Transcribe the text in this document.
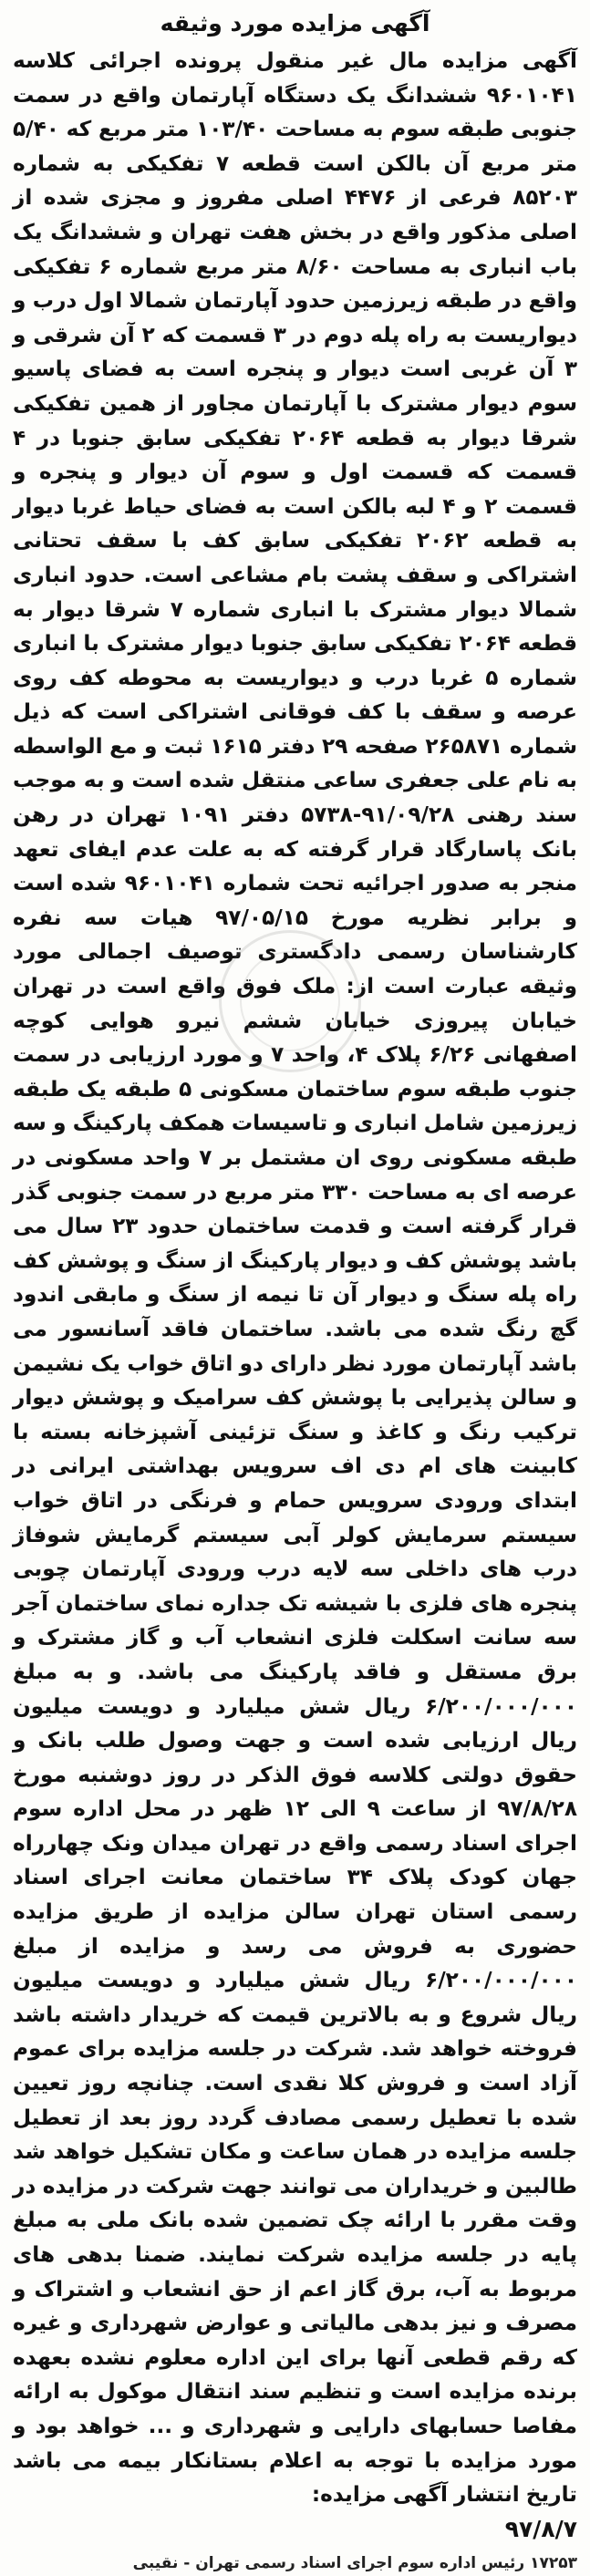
آگهی مزایده مورد وثیقه

آگهی مزایده مال غیر منقول پرونده اجرائی کلاسه ۹۶۰۱۰۴۱ ششدانگ یک دستگاه آپارتمان واقع در سمت جنوبی طبقه سوم به مساحت ۱۰۳/۴۰ متر مربع که ۵/۴۰ متر مربع آن بالکن است قطعه ۷ تفکیکی به شماره ۸۵۲۰۳ فرعی از ۴۴۷۶ اصلی مفروز و مجزی شده از اصلی مذکور واقع در بخش هفت تهران و ششدانگ یک باب انباری به مساحت ۸/۶۰ متر مربع شماره ۶ تفکیکی واقع در طبقه زیرزمین حدود آپارتمان شمالا اول درب و دیواریست به راه پله دوم در ۳ قسمت که ۲ آن شرقی و ۳ آن غربی است دیوار و پنجره است به فضای پاسیو سوم دیوار مشترک با آپارتمان مجاور از همین تفکیکی شرقا دیوار به قطعه ۲۰۶۴ تفکیکی سابق جنوبا در ۴ قسمت که قسمت اول و سوم آن دیوار و پنجره و قسمت ۲ و ۴ لبه بالکن است به فضای حیاط غربا دیوار به قطعه ۲۰۶۲ تفکیکی سابق کف با سقف تحتانی اشتراکی و سقف پشت بام مشاعی است. حدود انباری شمالا دیوار مشترک با انباری شماره ۷ شرقا دیوار به قطعه ۲۰۶۴ تفکیکی سابق جنوبا دیوار مشترک با انباری شماره ۵ غربا درب و دیواریست به محوطه کف روی عرصه و سقف با کف فوقانی اشتراکی است که ذیل شماره ۲۶۵۸۷۱ صفحه ۲۹ دفتر ۱۶۱۵ ثبت و مع الواسطه به نام علی جعفری ساعی منتقل شده است و به موجب سند رهنی ۹۱/۰۹/۲۸-۵۷۳۸ دفتر ۱۰۹۱ تهران در رهن بانک پاسارگاد قرار گرفته که به علت عدم ایفای تعهد منجر به صدور اجرائیه تحت شماره ۹۶۰۱۰۴۱ شده است و برابر نظریه مورخ ۹۷/۰۵/۱۵ هیات سه نفره کارشناسان رسمی دادگستری توصیف اجمالی مورد وثیقه عبارت است از: ملک فوق واقع است در تهران خیابان پیروزی خیابان ششم نیرو هوایی کوچه اصفهانی ۶/۲۶ پلاک ۴، واحد ۷ و مورد ارزیابی در سمت جنوب طبقه سوم ساختمان مسکونی ۵ طبقه یک طبقه زیرزمین شامل انباری و تاسیسات همکف پارکینگ و سه طبقه مسکونی روی ان مشتمل بر ۷ واحد مسکونی در عرصه ای به مساحت ۳۳۰ متر مربع در سمت جنوبی گذر قرار گرفته است و قدمت ساختمان حدود ۲۳ سال می باشد پوشش کف و دیوار پارکینگ از سنگ و پوشش کف راه پله سنگ و دیوار آن تا نیمه از سنگ و مابقی اندود گچ رنگ شده می باشد. ساختمان فاقد آسانسور می باشد آپارتمان مورد نظر دارای دو اتاق خواب یک نشیمن و سالن پذیرایی با پوشش کف سرامیک و پوشش دیوار ترکیب رنگ و کاغذ و سنگ تزئینی آشپزخانه بسته با کابینت های ام دی اف سرویس بهداشتی ایرانی در ابتدای ورودی سرویس حمام و فرنگی در اتاق خواب سیستم سرمایش کولر آبی سیستم گرمایش شوفاژ درب های داخلی سه لایه درب ورودی آپارتمان چوبی پنجره های فلزی با شیشه تک جداره نمای ساختمان آجر سه سانت اسکلت فلزی انشعاب آب و گاز مشترک و برق مستقل و فاقد پارکینگ می باشد. و به مبلغ ۶/۲۰۰/۰۰۰/۰۰۰ ریال شش میلیارد و دویست میلیون ریال ارزیابی شده است و جهت وصول طلب بانک و حقوق دولتی کلاسه فوق الذکر در روز دوشنبه مورخ ۹۷/۸/۲۸ از ساعت ۹ الی ۱۲ ظهر در محل اداره سوم اجرای اسناد رسمی واقع در تهران میدان ونک چهارراه جهان کودک پلاک ۳۴ ساختمان معانت اجرای اسناد رسمی استان تهران سالن مزایده از طریق مزایده حضوری به فروش می رسد و مزایده از مبلغ ۶/۲۰۰/۰۰۰/۰۰۰ ریال شش میلیارد و دویست میلیون ریال شروع و به بالاترین قیمت که خریدار داشته باشد فروخته خواهد شد. شرکت در جلسه مزایده برای عموم آزاد است و فروش کلا نقدی است. چنانچه روز تعیین شده با تعطیل رسمی مصادف گردد روز بعد از تعطیل جلسه مزایده در همان ساعت و مکان تشکیل خواهد شد طالبین و خریداران می توانند جهت شرکت در مزایده در وقت مقرر با ارائه چک تضمین شده بانک ملی به مبلغ پایه در جلسه مزایده شرکت نمایند. ضمنا بدهی های مربوط به آب، برق گاز اعم از حق انشعاب و اشتراک و مصرف و نیز بدهی مالیاتی و عوارض شهرداری و غیره که رقم قطعی آنها برای این اداره معلوم نشده بعهده برنده مزایده است و تنظیم سند انتقال موکول به ارائه مفاصا حسابهای دارایی و شهرداری و ... خواهد بود و مورد مزایده با توجه به اعلام بستانکار بیمه می باشد تاریخ انتشار آگهی مزایده:

۹۷/۸/۷

۱۷۲۵۳ رئیس اداره سوم اجرای اسناد رسمی تهران - نقیبی
